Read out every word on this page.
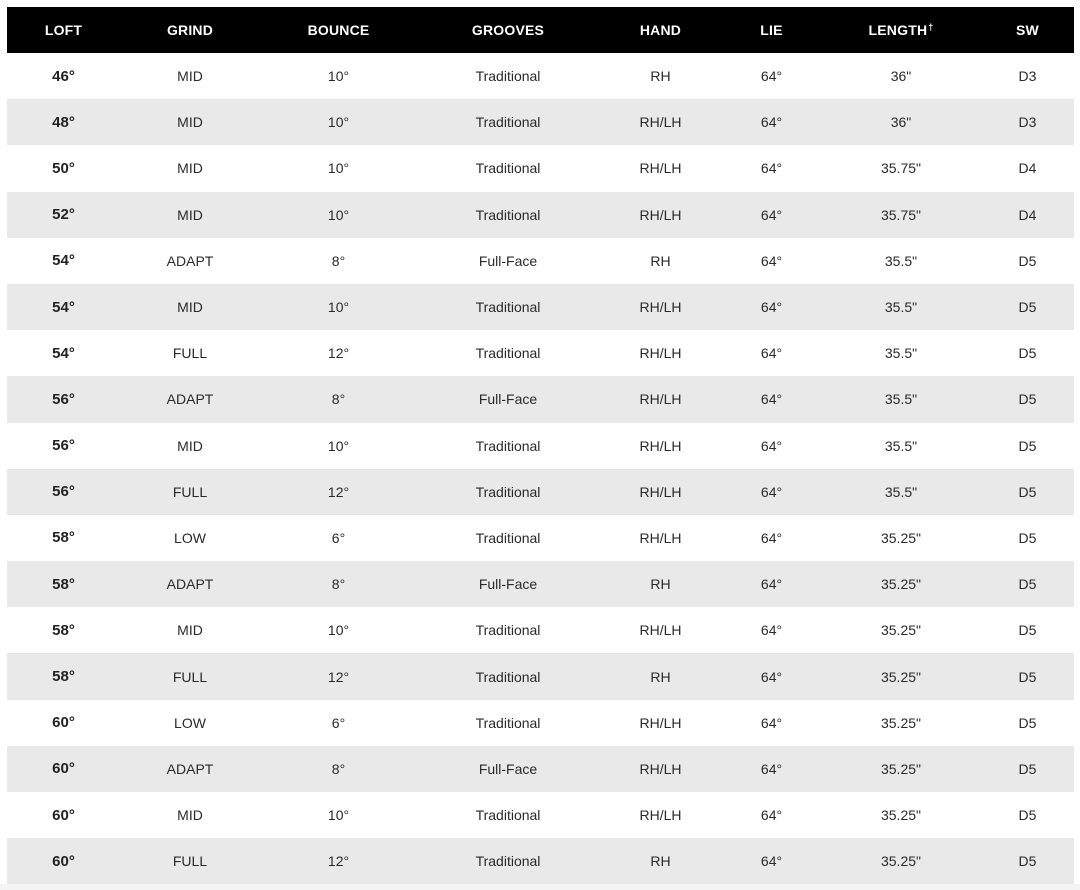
LOFT	GRIND	BOUNCE	GROOVES	HAND	LIE	LENGTH†	SW
46°	MID	10°	Traditional	RH	64°	36"	D3
48°	MID	10°	Traditional	RH/LH	64°	36"	D3
50°	MID	10°	Traditional	RH/LH	64°	35.75"	D4
52°	MID	10°	Traditional	RH/LH	64°	35.75"	D4
54°	ADAPT	8°	Full-Face	RH	64°	35.5"	D5
54°	MID	10°	Traditional	RH/LH	64°	35.5"	D5
54°	FULL	12°	Traditional	RH/LH	64°	35.5"	D5
56°	ADAPT	8°	Full-Face	RH/LH	64°	35.5"	D5
56°	MID	10°	Traditional	RH/LH	64°	35.5"	D5
56°	FULL	12°	Traditional	RH/LH	64°	35.5"	D5
58°	LOW	6°	Traditional	RH/LH	64°	35.25"	D5
58°	ADAPT	8°	Full-Face	RH	64°	35.25"	D5
58°	MID	10°	Traditional	RH/LH	64°	35.25"	D5
58°	FULL	12°	Traditional	RH	64°	35.25"	D5
60°	LOW	6°	Traditional	RH/LH	64°	35.25"	D5
60°	ADAPT	8°	Full-Face	RH/LH	64°	35.25"	D5
60°	MID	10°	Traditional	RH/LH	64°	35.25"	D5
60°	FULL	12°	Traditional	RH	64°	35.25"	D5
